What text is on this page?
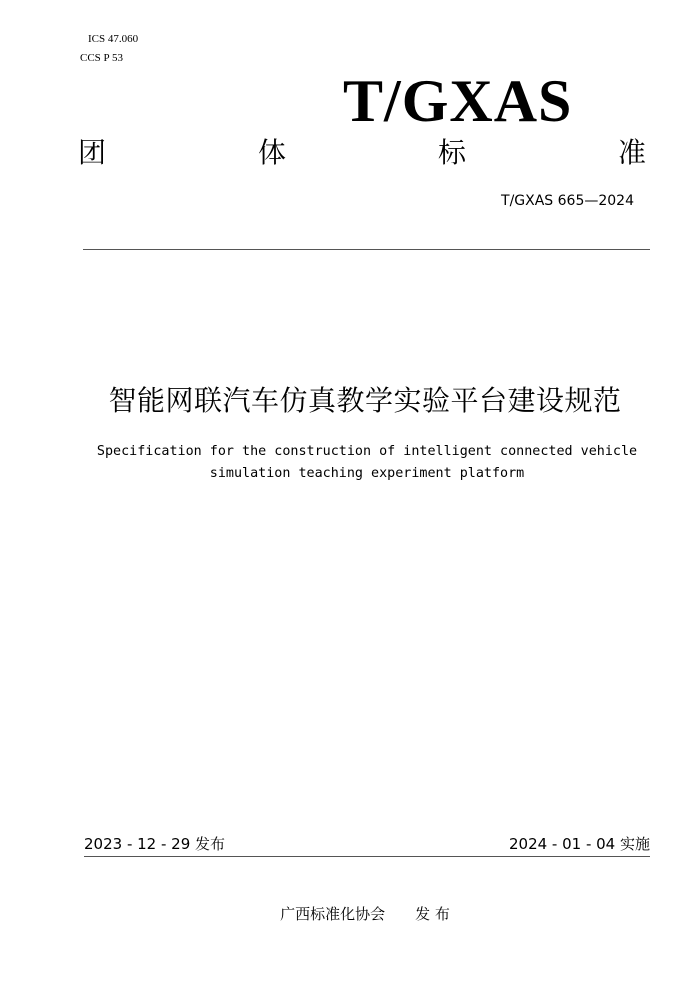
ICS 47.060
CCS P 53
T/GXAS
团	体	标	准
T/GXAS 665—2024
智能网联汽车仿真教学实验平台建设规范
Specification for the construction of intelligent connected vehicle
simulation teaching experiment platform
2023 - 12 - 29 发布	2024 - 01 - 04 实施
广西标准化协会 发 布
